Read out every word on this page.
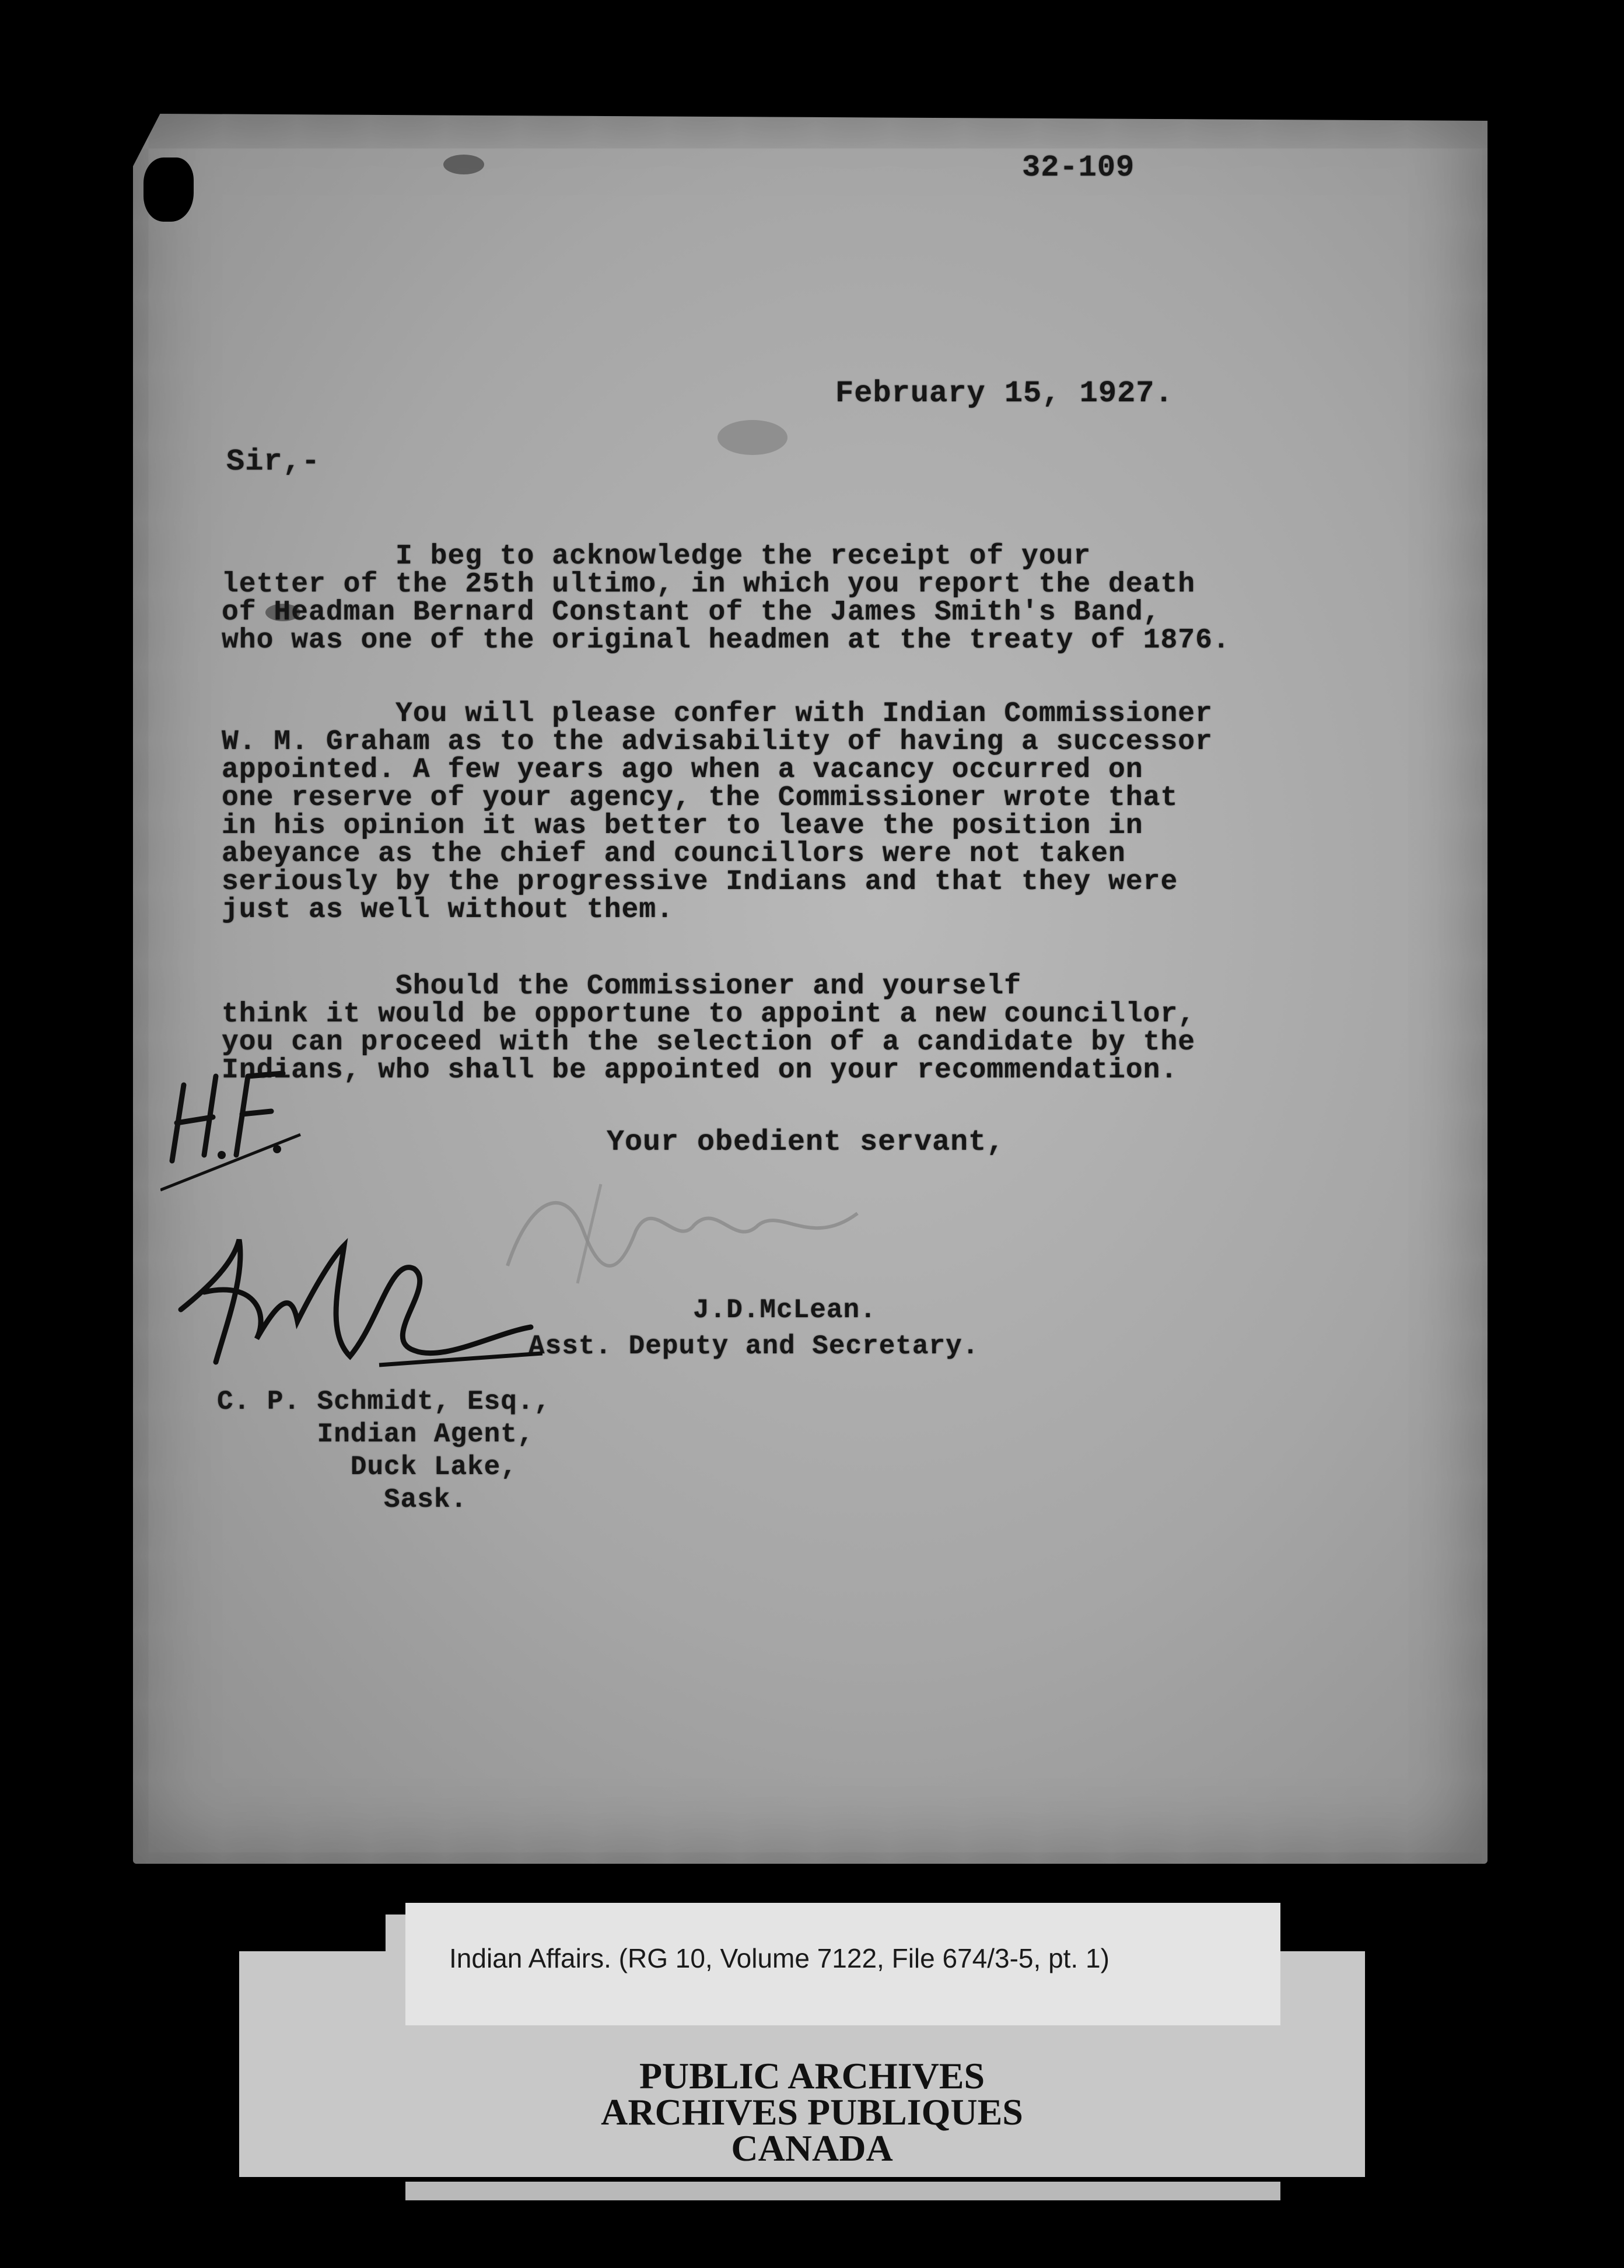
32-109
February 15, 1927.
Sir,-
I beg to acknowledge the receipt of your
letter of the 25th ultimo, in which you report the death
of Headman Bernard Constant of the James Smith's Band,
who was one of the original headmen at the treaty of 1876.
You will please confer with Indian Commissioner
W. M. Graham as to the advisability of having a successor
appointed. A few years ago when a vacancy occurred on
one reserve of your agency, the Commissioner wrote that
in his opinion it was better to leave the position in
abeyance as the chief and councillors were not taken
seriously by the progressive Indians and that they were
just as well without them.
Should the Commissioner and yourself
think it would be opportune to appoint a new councillor,
you can proceed with the selection of a candidate by the
Indians, who shall be appointed on your recommendation.
Your obedient servant,
J.D.McLean.
Asst. Deputy and Secretary.
C. P. Schmidt, Esq.,
Indian Agent,
Duck Lake,
Sask.
Indian Affairs. (RG 10, Volume 7122, File 674/3-5, pt. 1)
PUBLIC ARCHIVES
ARCHIVES PUBLIQUES
CANADA
